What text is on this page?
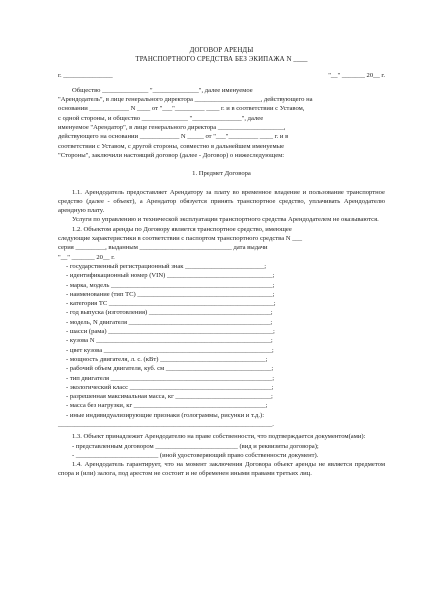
ДОГОВОР АРЕНДЫ
ТРАНСПОРТНОГО СРЕДСТВА БЕЗ ЭКИПАЖА N ____
г. _______________	"__" _______ 20__ г.
Общество ______________ "______________", далее именуемое
"Арендодатель", в лице генерального директора ____________________, действующего на
основании ____________ N ____ от "___"_________ ____ г. и в соответствии с Уставом,
с одной стороны, и общество ______________ "_______________", далее
именуемое "Арендатор", в лице генерального директора ____________________,
действующего на основании ____________ N _____ от "___"_________ ____ г. и в
соответствии с Уставом, с другой стороны, совместно в дальнейшем именуемые
"Стороны", заключили настоящий договор (далее - Договор) о нижеследующем:
1. Предмет Договора

1.1. Арендодатель предоставляет Арендатору за плату во временное владение и пользование транспортное средство (далее - объект), а Арендатор обязуется принять транспортное средство, уплачивать Арендодателю арендную плату.

Услуги по управлению и технической эксплуатации транспортного средства Арендодателем не оказываются.

1.2. Объектом аренды по Договору является транспортное средство, имеющее
следующие характеристики в соответствии с паспортом транспортного средства N ___
серия _________, выданным ____________________________ дата выдачи
"__" _______ 20__ г.
- государственный регистрационный знак ________________________;
- идентификационный номер (VIN) ________________________________;
- марка, модель _________________________________________________;
- наименование (тип ТС) _________________________________________;
- категория ТС __________________________________________________;
- год выпуска (изготовления) _____________________________________;
- модель, N двигателя ___________________________________________;
- шасси (рама) __________________________________________________;
- кузова N _____________________________________________________;
- цвет кузова ___________________________________________________;
- мощность двигателя, л. с. (кВт) ________________________________;
- рабочий объем двигателя, куб. см ________________________________;
- тип двигателя _________________________________________________;
- экологический класс ___________________________________________;
- разрешенная максимальная масса, кг _____________________________;
- масса без нагрузки, кг ________________________________________;
- иные индивидуализирующие признаки (голограммы, рисунки и т.д.):
_________________________________________________________________.

1.3. Объект принадлежит Арендодателю на праве собственности, что подтверждается документом(ами):

- представленным договором _________________________ (вид и реквизиты договора);

- _________________________ (иной удостоверяющий право собственности документ).

1.4. Арендодатель гарантирует, что на момент заключения Договора объект аренды не является предметом спора и (или) залога, под арестом не состоит и не обременен иными правами третьих лиц.
